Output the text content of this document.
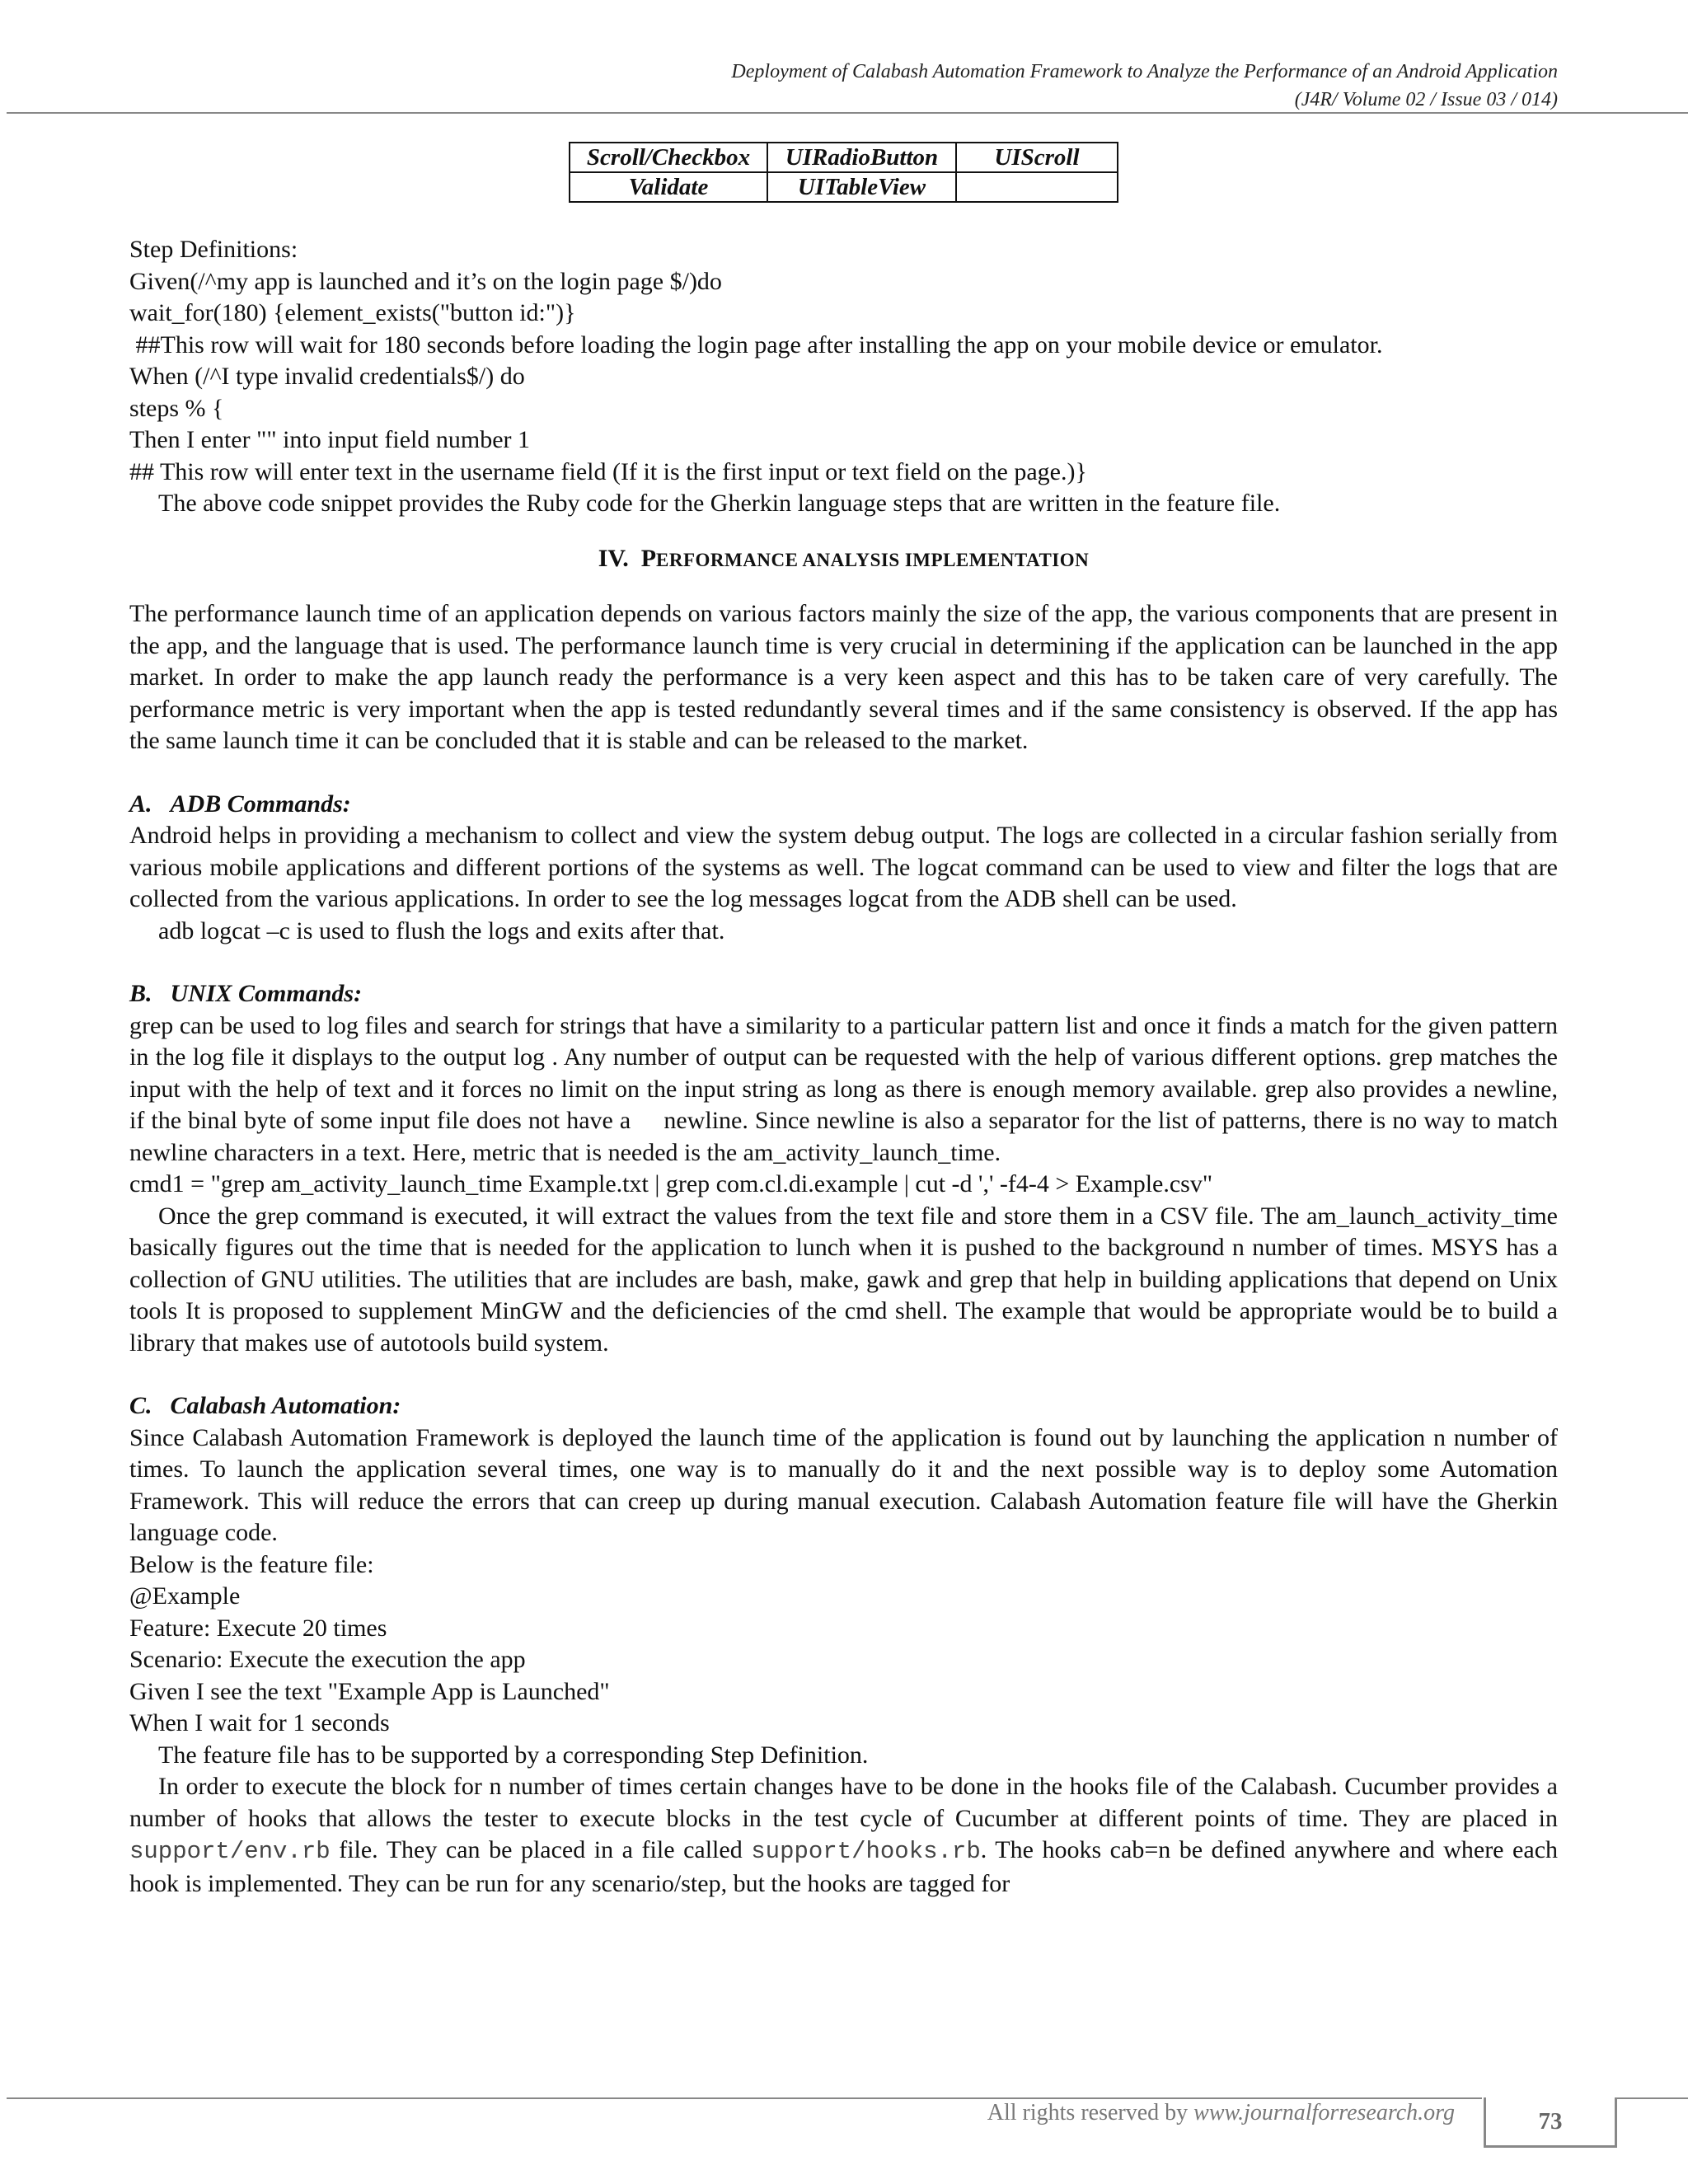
Deployment of Calabash Automation Framework to Analyze the Performance of an Android Application
(J4R/ Volume 02 / Issue 03 / 014)
Scroll/Checkbox	UIRadioButton	UIScroll
Validate	UITableView	
Step Definitions:
Given(/^my app is launched and it’s on the login page $/)do
wait_for(180) {element_exists("button id:")}
##This row will wait for 180 seconds before loading the login page after installing the app on your mobile device or emulator.
When (/^I type invalid credentials$/) do
steps % {
Then I enter "" into input field number 1
## This row will enter text in the username field (If it is the first input or text field on the page.)}

The above code snippet provides the Ruby code for the Gherkin language steps that are written in the feature file.

IV. PERFORMANCE ANALYSIS IMPLEMENTATION

The performance launch time of an application depends on various factors mainly the size of the app, the various components that are present in the app, and the language that is used. The performance launch time is very crucial in determining if the application can be launched in the app market. In order to make the app launch ready the performance is a very keen aspect and this has to be taken care of very carefully. The performance metric is very important when the app is tested redundantly several times and if the same consistency is observed. If the app has the same launch time it can be concluded that it is stable and can be released to the market.

A. ADB Commands:

Android helps in providing a mechanism to collect and view the system debug output. The logs are collected in a circular fashion serially from various mobile applications and different portions of the systems as well. The logcat command can be used to view and filter the logs that are collected from the various applications. In order to see the log messages logcat from the ADB shell can be used.

adb logcat –c is used to flush the logs and exits after that.

B. UNIX Commands:

grep can be used to log files and search for strings that have a similarity to a particular pattern list and once it finds a match for the given pattern in the log file it displays to the output log . Any number of output can be requested with the help of various different options. grep matches the input with the help of text and it forces no limit on the input string as long as there is enough memory available. grep also provides a newline,  if the binal byte of some input file does not have a     newline. Since newline is also a separator for the list of patterns, there is no way to match newline characters in a text. Here, metric that is needed is the am_activity_launch_time.

cmd1 = "grep am_activity_launch_time Example.txt | grep com.cl.di.example | cut -d ',' -f4-4 > Example.csv"

Once the grep command is executed, it will extract the values from the text file and store them in a CSV file. The am_launch_activity_time basically figures out the time that is needed for the application to lunch when it is pushed to the background n number of times. MSYS has a collection of GNU utilities. The utilities that are includes are bash, make, gawk and grep that help in building applications that depend on Unix tools It is proposed to supplement MinGW and the deficiencies of the cmd shell. The example that would be appropriate would be to build a library that makes use of autotools build system.

C. Calabash Automation:

Since Calabash Automation Framework is deployed the launch time of the application is found out by launching the application n number of times. To launch the application several times, one way is to manually do it and the next possible way is to deploy some Automation Framework. This will reduce the errors that can creep up during manual execution. Calabash Automation feature file will have the Gherkin language code.

Below is the feature file:
@Example
Feature: Execute 20 times
Scenario: Execute the execution the app
Given I see the text "Example App is Launched"
When I wait for 1 seconds

The feature file has to be supported by a corresponding Step Definition.

In order to execute the block for n number of times certain changes have to be done in the hooks file of the Calabash. Cucumber provides a number of hooks that allows the tester to execute blocks in the test cycle of Cucumber at different points of time. They are placed in support/env.rb file. They can be placed in a file called support/hooks.rb. The hooks cab=n be defined anywhere and where each hook is implemented. They can be run for any scenario/step, but the hooks are tagged for

All rights reserved by www.journalforresearch.org	73
